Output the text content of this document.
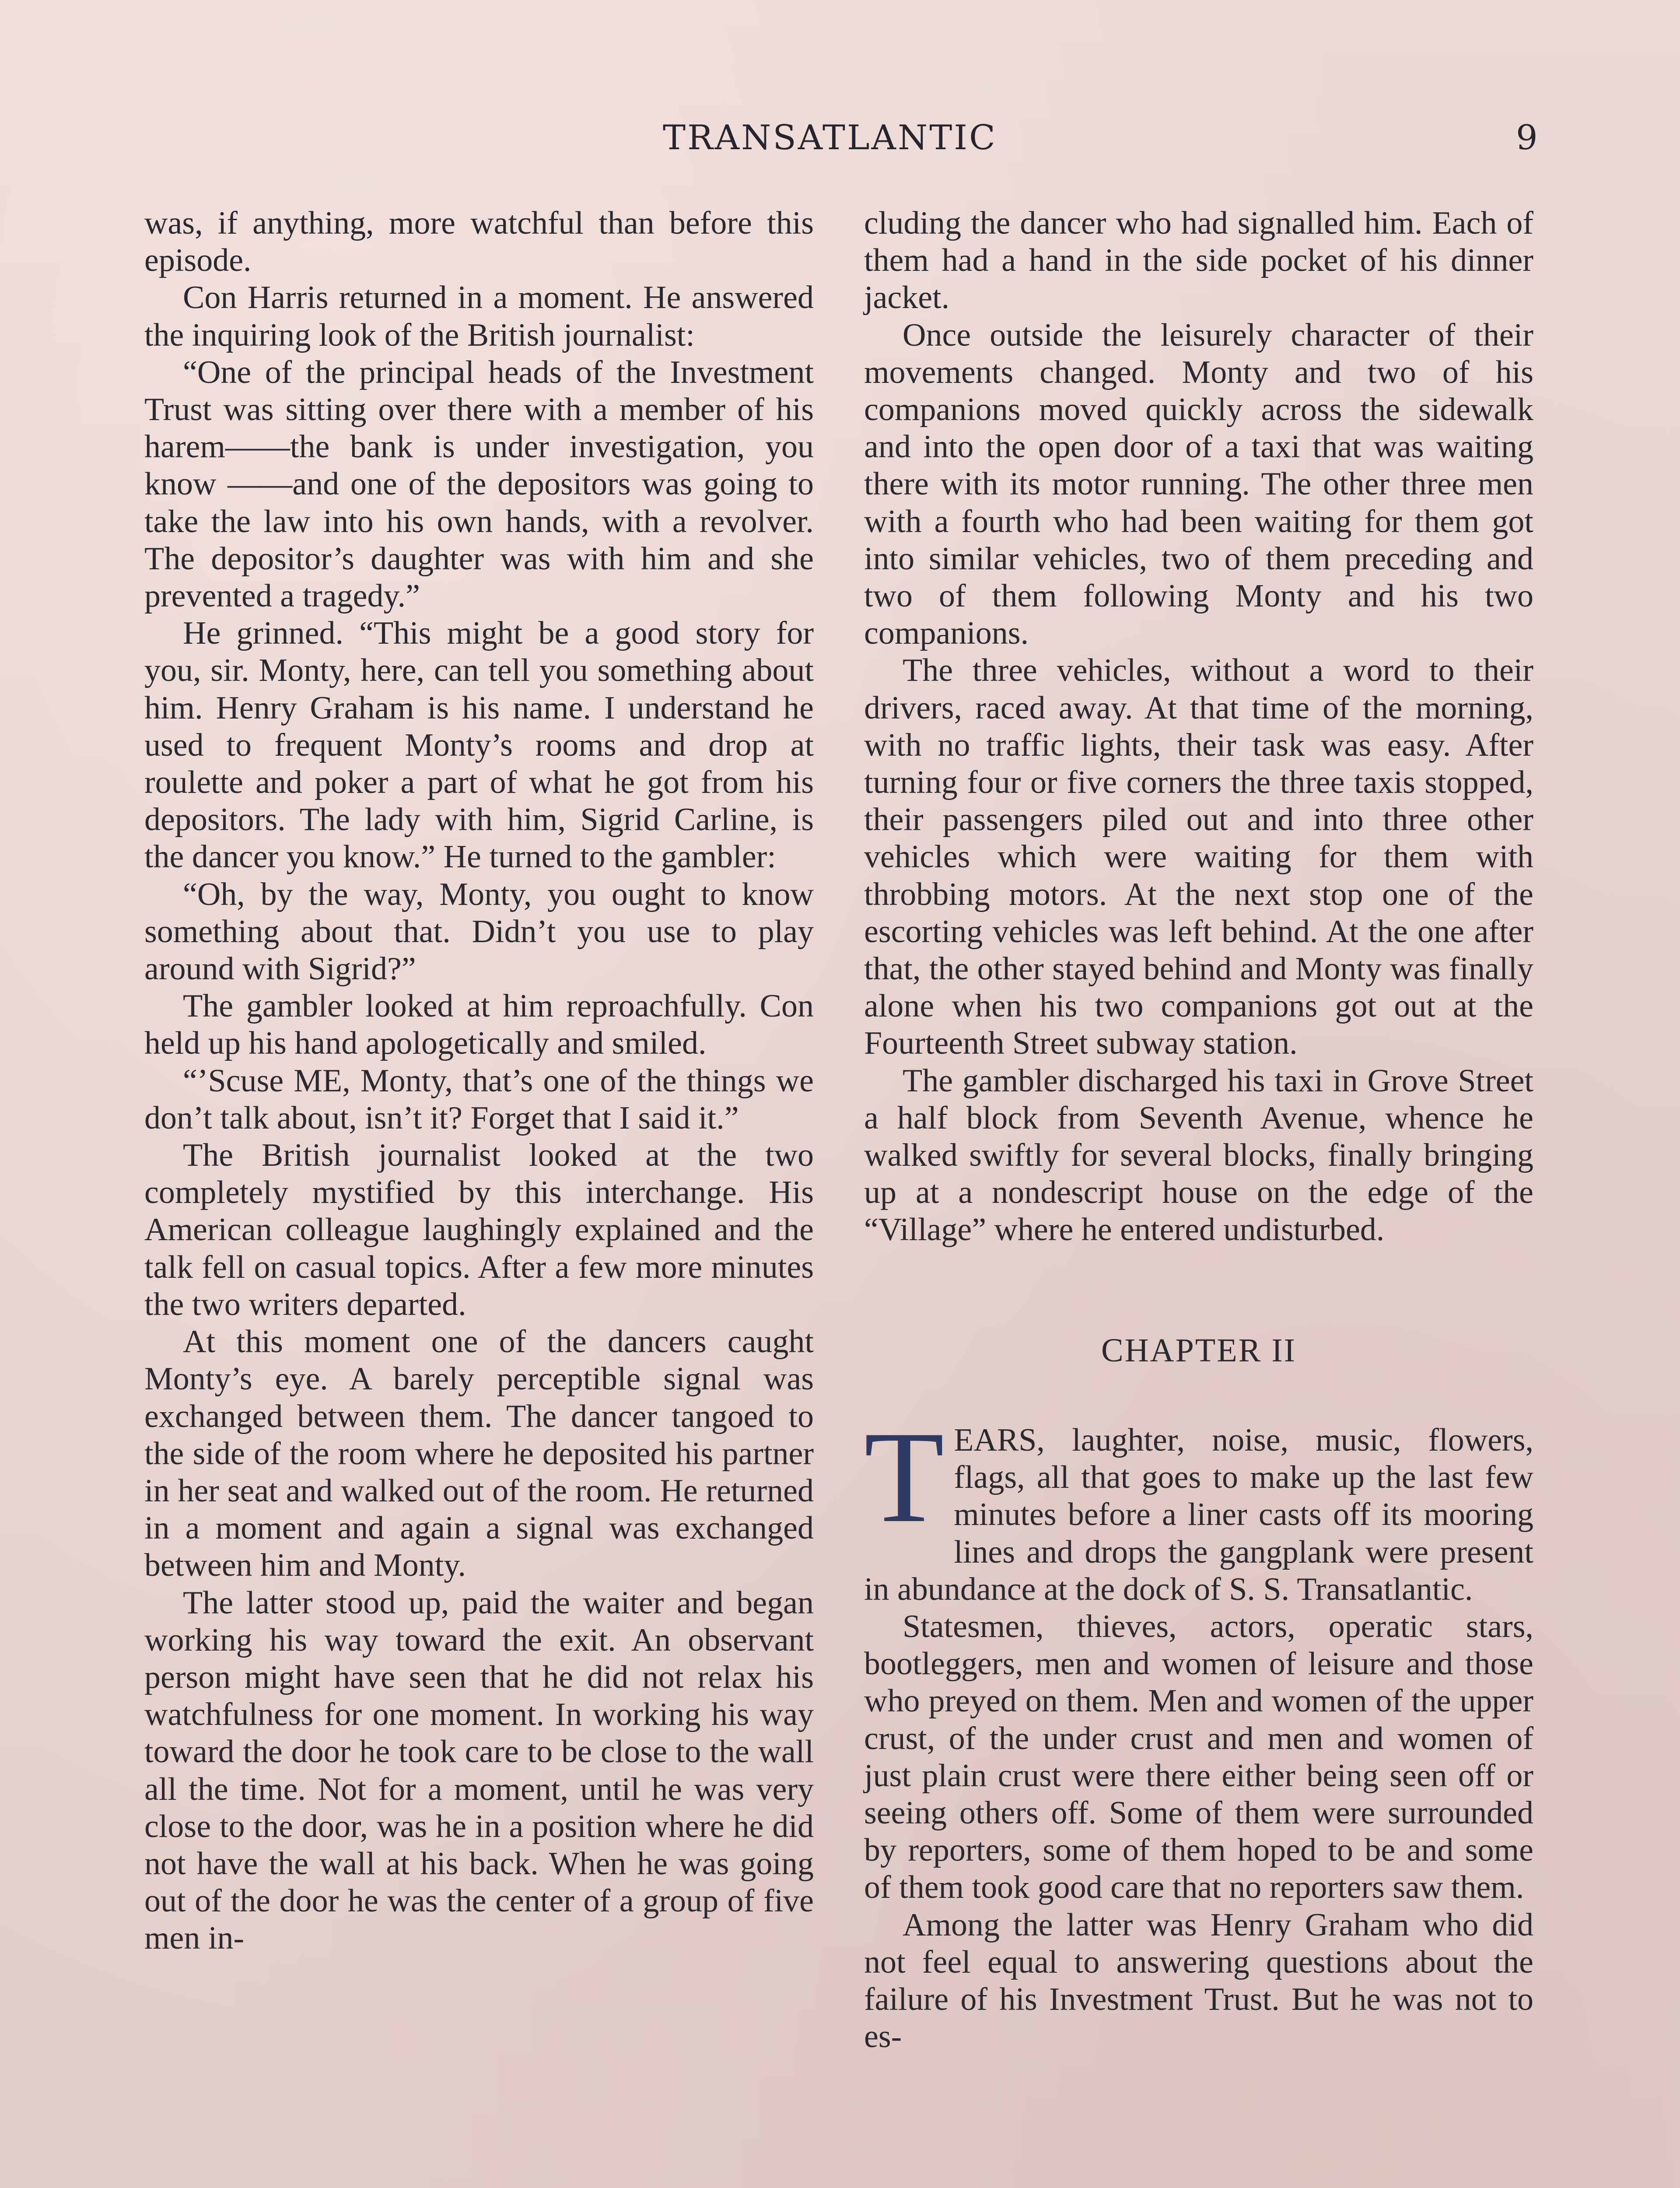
TRANSATLANTIC	9

was, if anything, more watchful than before this episode.

Con Harris returned in a moment. He answered the inquiring look of the British journalist:

“One of the principal heads of the Investment Trust was sitting over there with a member of his harem——the bank is under investigation, you know ——and one of the depositors was going to take the law into his own hands, with a revolver. The depositor’s daughter was with him and she prevented a tragedy.”

He grinned. “This might be a good story for you, sir. Monty, here, can tell you something about him. Henry Graham is his name. I understand he used to frequent Monty’s rooms and drop at roulette and poker a part of what he got from his depositors. The lady with him, Sigrid Carline, is the dancer you know.” He turned to the gambler:

“Oh, by the way, Monty, you ought to know something about that. Didn’t you use to play around with Sigrid?”

The gambler looked at him reproachfully. Con held up his hand apologetically and smiled.

“’Scuse ME, Monty, that’s one of the things we don’t talk about, isn’t it? Forget that I said it.”

The British journalist looked at the two completely mystified by this interchange. His American colleague laughingly explained and the talk fell on casual topics. After a few more minutes the two writers departed.

At this moment one of the dancers caught Monty’s eye. A barely perceptible signal was exchanged between them. The dancer tangoed to the side of the room where he deposited his partner in her seat and walked out of the room. He returned in a moment and again a signal was exchanged between him and Monty.

The latter stood up, paid the waiter and began working his way toward the exit. An observant person might have seen that he did not relax his watchfulness for one moment. In working his way toward the door he took care to be close to the wall all the time. Not for a moment, until he was very close to the door, was he in a position where he did not have the wall at his back. When he was going out of the door he was the center of a group of five men in-

cluding the dancer who had signalled him. Each of them had a hand in the side pocket of his dinner jacket.

Once outside the leisurely character of their movements changed. Monty and two of his companions moved quickly across the sidewalk and into the open door of a taxi that was waiting there with its motor running. The other three men with a fourth who had been waiting for them got into similar vehicles, two of them preceding and two of them following Monty and his two companions.

The three vehicles, without a word to their drivers, raced away. At that time of the morning, with no traffic lights, their task was easy. After turning four or five corners the three taxis stopped, their passengers piled out and into three other vehicles which were waiting for them with throbbing motors. At the next stop one of the escorting vehicles was left behind. At the one after that, the other stayed behind and Monty was finally alone when his two companions got out at the Fourteenth Street subway station.

The gambler discharged his taxi in Grove Street a half block from Seventh Avenue, whence he walked swiftly for several blocks, finally bringing up at a nondescript house on the edge of the “Village” where he entered undisturbed.

CHAPTER II

TEARS, laughter, noise, music, flowers, flags, all that goes to make up the last few minutes before a liner casts off its mooring lines and drops the gangplank were present in abundance at the dock of S. S. Transatlantic.

Statesmen, thieves, actors, operatic stars, bootleggers, men and women of leisure and those who preyed on them. Men and women of the upper crust, of the under crust and men and women of just plain crust were there either being seen off or seeing others off. Some of them were surrounded by reporters, some of them hoped to be and some of them took good care that no reporters saw them.

Among the latter was Henry Graham who did not feel equal to answering questions about the failure of his Investment Trust. But he was not to es-
